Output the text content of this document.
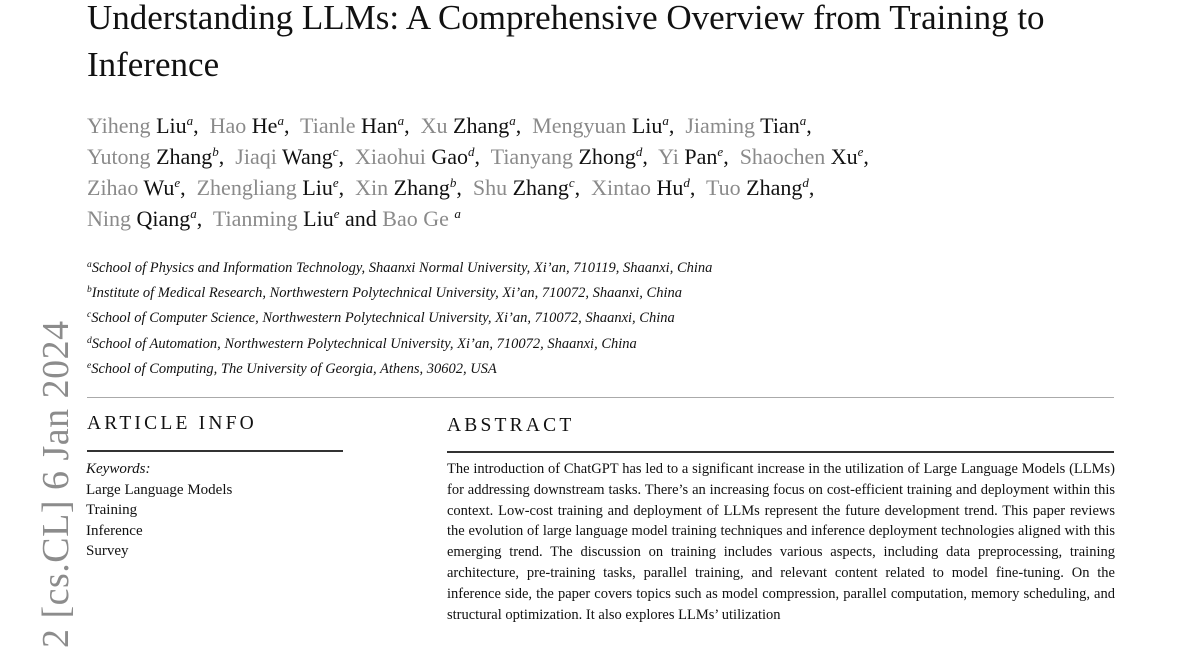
Understanding LLMs: A Comprehensive Overview from Training to Inference
Yiheng Liu$^a$,  Hao He$^a$,  Tianle Han$^a$,  Xu Zhang$^a$,  Mengyuan Liu$^a$,  Jiaming Tian$^a$,
Yutong Zhang$^b$,  Jiaqi Wang$^c$,  Xiaohui Gao$^d$,  Tianyang Zhong$^d$,  Yi Pan$^e$,  Shaochen Xu$^e$,
Zihao Wu$^e$,  Zhengliang Liu$^e$,  Xin Zhang$^b$,  Shu Zhang$^c$,  Xintao Hu$^d$,  Tuo Zhang$^d$,
Ning Qiang$^a$,  Tianming Liu$^e$ and Bao Ge $^a$
$^a$School of Physics and Information Technology, Shaanxi Normal University, Xi’an, 710119, Shaanxi, China
$^b$Institute of Medical Research, Northwestern Polytechnical University, Xi’an, 710072, Shaanxi, China
$^c$School of Computer Science, Northwestern Polytechnical University, Xi’an, 710072, Shaanxi, China
$^d$School of Automation, Northwestern Polytechnical University, Xi’an, 710072, Shaanxi, China
$^e$School of Computing, The University of Georgia, Athens, 30602, USA
2 [cs.CL] 6 Jan 2024 ARTICLE INFO	ABSTRACT
Keywords:
Large Language Models
Training
Inference
Survey

The introduction of ChatGPT has led to a significant increase in the utilization of Large Language Models (LLMs) for addressing downstream tasks. There’s an increasing focus on cost-efficient training and deployment within this context. Low-cost training and deployment of LLMs represent the future development trend. This paper reviews the evolution of large language model training techniques and inference deployment technologies aligned with this emerging trend. The discussion on training includes various aspects, including data preprocessing, training architecture, pre-training tasks, parallel training, and relevant content related to model fine-tuning. On the inference side, the paper covers topics such as model compression, parallel computation, memory scheduling, and structural optimization. It also explores LLMs’ utilization
